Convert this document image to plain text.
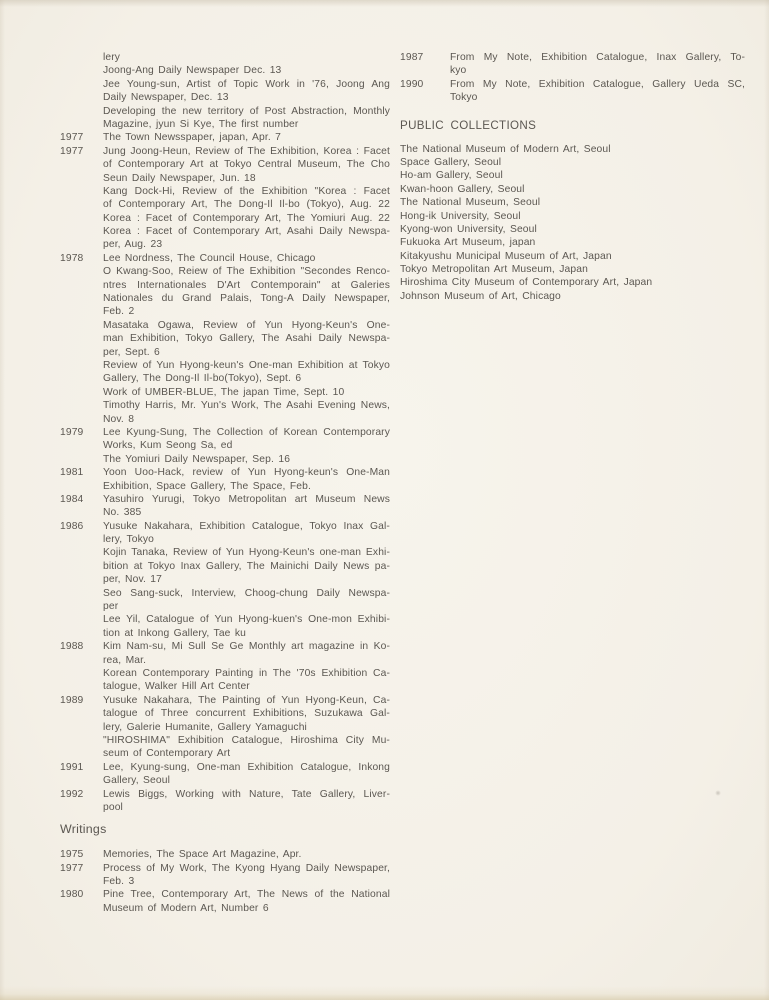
lery
Joong-Ang Daily Newspaper Dec. 13
Jee Young-sun, Artist of Topic Work in '76, Joong Ang
Daily Newspaper, Dec. 13
Developing the new territory of Post Abstraction, Monthly
Magazine, jyun Si Kye, The first number
1977	The Town Newsspaper, japan, Apr. 7
1977	Jung Joong-Heun, Review of The Exhibition, Korea : Facet
of Contemporary Art at Tokyo Central Museum, The Cho
Seun Daily Newspaper, Jun. 18
Kang Dock-Hi, Review of the Exhibition "Korea : Facet
of Contemporary Art, The Dong-Il Il-bo (Tokyo), Aug. 22
Korea : Facet of Contemporary Art, The Yomiuri Aug. 22
Korea : Facet of Contemporary Art, Asahi Daily Newspa-
per, Aug. 23
1978	Lee Nordness, The Council House, Chicago
O Kwang-Soo, Reiew of The Exhibition "Secondes Renco-
ntres Internationales D'Art Contemporain" at Galeries
Nationales du Grand Palais, Tong-A Daily Newspaper,
Feb. 2
Masataka Ogawa, Review of Yun Hyong-Keun's One-
man Exhibition, Tokyo Gallery, The Asahi Daily Newspa-
per, Sept. 6
Review of Yun Hyong-keun's One-man Exhibition at Tokyo
Gallery, The Dong-Il Il-bo(Tokyo), Sept. 6
Work of UMBER-BLUE, The japan Time, Sept. 10
Timothy Harris, Mr. Yun's Work, The Asahi Evening News,
Nov. 8
1979	Lee Kyung-Sung, The Collection of Korean Contemporary
Works, Kum Seong Sa, ed
The Yomiuri Daily Newspaper, Sep. 16
1981	Yoon Uoo-Hack, review of Yun Hyong-keun's One-Man
Exhibition, Space Gallery, The Space, Feb.
1984	Yasuhiro Yurugi, Tokyo Metropolitan art Museum News
No. 385
1986	Yusuke Nakahara, Exhibition Catalogue, Tokyo Inax Gal-
lery, Tokyo
Kojin Tanaka, Review of Yun Hyong-Keun's one-man Exhi-
bition at Tokyo Inax Gallery, The Mainichi Daily News pa-
per, Nov. 17
Seo Sang-suck, Interview, Choog-chung Daily Newspa-
per
Lee Yil, Catalogue of Yun Hyong-kuen's One-mon Exhibi-
tion at Inkong Gallery, Tae ku
1988	Kim Nam-su, Mi Sull Se Ge Monthly art magazine in Ko-
rea, Mar.
Korean Contemporary Painting in The '70s Exhibition Ca-
talogue, Walker Hill Art Center
1989	Yusuke Nakahara, The Painting of Yun Hyong-Keun, Ca-
talogue of Three concurrent Exhibitions, Suzukawa Gal-
lery, Galerie Humanite, Gallery Yamaguchi
"HIROSHIMA" Exhibition Catalogue, Hiroshima City Mu-
seum of Contemporary Art
1991	Lee, Kyung-sung, One-man Exhibition Catalogue, Inkong
Gallery, Seoul
1992	Lewis Biggs, Working with Nature, Tate Gallery, Liver-
pool
Writings
1975	Memories, The Space Art Magazine, Apr.
1977	Process of My Work, The Kyong Hyang Daily Newspaper,
Feb. 3
1980	Pine Tree, Contemporary Art, The News of the National
Museum of Modern Art, Number 6
1987	From My Note, Exhibition Catalogue, Inax Gallery, To-
kyo
1990	From My Note, Exhibition Catalogue, Gallery Ueda SC,
Tokyo
PUBLIC COLLECTIONS
The National Museum of Modern Art, Seoul
Space Gallery, Seoul
Ho-am Gallery, Seoul
Kwan-hoon Gallery, Seoul
The National Museum, Seoul
Hong-ik University, Seoul
Kyong-won University, Seoul
Fukuoka Art Museum, japan
Kitakyushu Municipal Museum of Art, Japan
Tokyo Metropolitan Art Museum, Japan
Hiroshima City Museum of Contemporary Art, Japan
Johnson Museum of Art, Chicago
